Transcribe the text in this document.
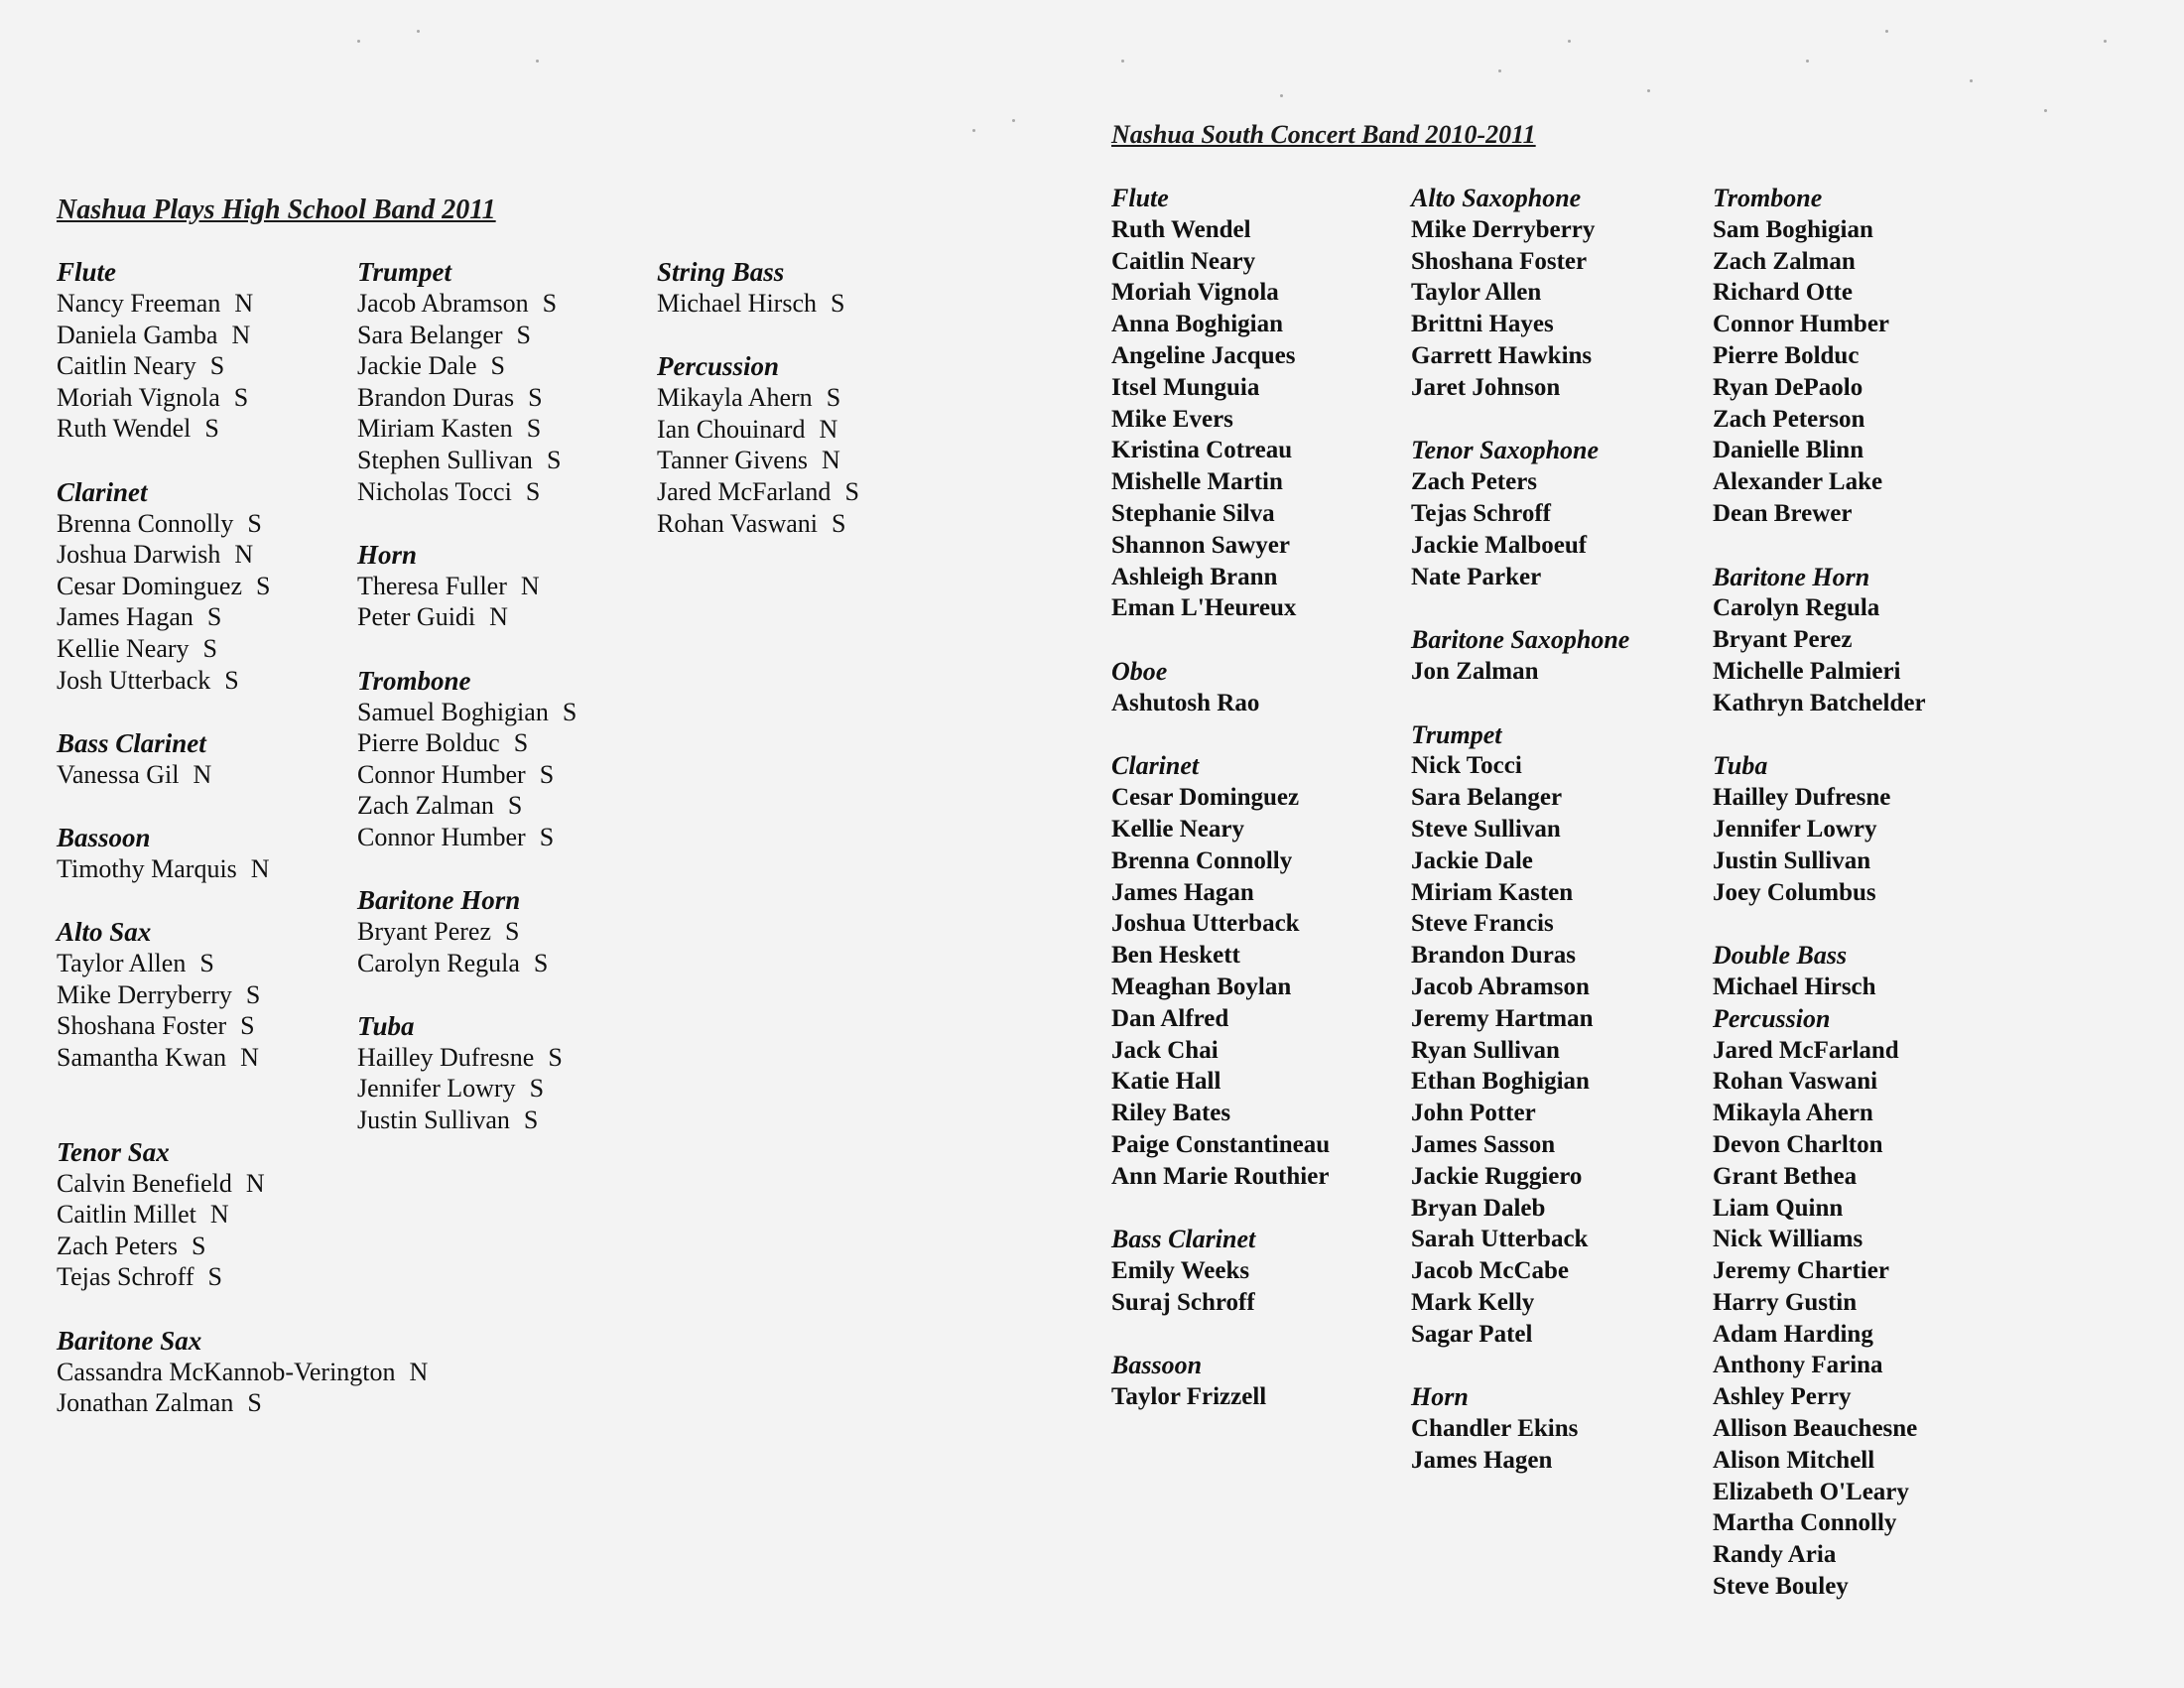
Nashua Plays High School Band 2011
Flute
Nancy Freeman N
Daniela Gamba N
Caitlin Neary S
Moriah Vignola S
Ruth Wendel S
Clarinet
Brenna Connolly S
Joshua Darwish N
Cesar Dominguez S
James Hagan S
Kellie Neary S
Josh Utterback S
Bass Clarinet
Vanessa Gil N
Bassoon
Timothy Marquis N
Alto Sax
Taylor Allen S
Mike Derryberry S
Shoshana Foster S
Samantha Kwan N
Tenor Sax
Calvin Benefield N
Caitlin Millet N
Zach Peters S
Tejas Schroff S
Baritone Sax
Cassandra McKannob-Verington N
Jonathan Zalman S
Trumpet
Jacob Abramson S
Sara Belanger S
Jackie Dale S
Brandon Duras S
Miriam Kasten S
Stephen Sullivan S
Nicholas Tocci S
Horn
Theresa Fuller N
Peter Guidi N
Trombone
Samuel Boghigian S
Pierre Bolduc S
Connor Humber S
Zach Zalman S
Connor Humber S
Baritone Horn
Bryant Perez S
Carolyn Regula S
Tuba
Hailley Dufresne S
Jennifer Lowry S
Justin Sullivan S
String Bass
Michael Hirsch S
Percussion
Mikayla Ahern S
Ian Chouinard N
Tanner Givens N
Jared McFarland S
Rohan Vaswani S
Nashua South Concert Band 2010-2011
Flute
Ruth Wendel
Caitlin Neary
Moriah Vignola
Anna Boghigian
Angeline Jacques
Itsel Munguia
Mike Evers
Kristina Cotreau
Mishelle Martin
Stephanie Silva
Shannon Sawyer
Ashleigh Brann
Eman L'Heureux
Oboe
Ashutosh Rao
Clarinet
Cesar Dominguez
Kellie Neary
Brenna Connolly
James Hagan
Joshua Utterback
Ben Heskett
Meaghan Boylan
Dan Alfred
Jack Chai
Katie Hall
Riley Bates
Paige Constantineau
Ann Marie Routhier
Bass Clarinet
Emily Weeks
Suraj Schroff
Bassoon
Taylor Frizzell
Alto Saxophone
Mike Derryberry
Shoshana Foster
Taylor Allen
Brittni Hayes
Garrett Hawkins
Jaret Johnson
Tenor Saxophone
Zach Peters
Tejas Schroff
Jackie Malboeuf
Nate Parker
Baritone Saxophone
Jon Zalman
Trumpet
Nick Tocci
Sara Belanger
Steve Sullivan
Jackie Dale
Miriam Kasten
Steve Francis
Brandon Duras
Jacob Abramson
Jeremy Hartman
Ryan Sullivan
Ethan Boghigian
John Potter
James Sasson
Jackie Ruggiero
Bryan Daleb
Sarah Utterback
Jacob McCabe
Mark Kelly
Sagar Patel
Horn
Chandler Ekins
James Hagen
Trombone
Sam Boghigian
Zach Zalman
Richard Otte
Connor Humber
Pierre Bolduc
Ryan DePaolo
Zach Peterson
Danielle Blinn
Alexander Lake
Dean Brewer
Baritone Horn
Carolyn Regula
Bryant Perez
Michelle Palmieri
Kathryn Batchelder
Tuba
Hailley Dufresne
Jennifer Lowry
Justin Sullivan
Joey Columbus
Double Bass
Michael Hirsch
Percussion
Jared McFarland
Rohan Vaswani
Mikayla Ahern
Devon Charlton
Grant Bethea
Liam Quinn
Nick Williams
Jeremy Chartier
Harry Gustin
Adam Harding
Anthony Farina
Ashley Perry
Allison Beauchesne
Alison Mitchell
Elizabeth O'Leary
Martha Connolly
Randy Aria
Steve Bouley
